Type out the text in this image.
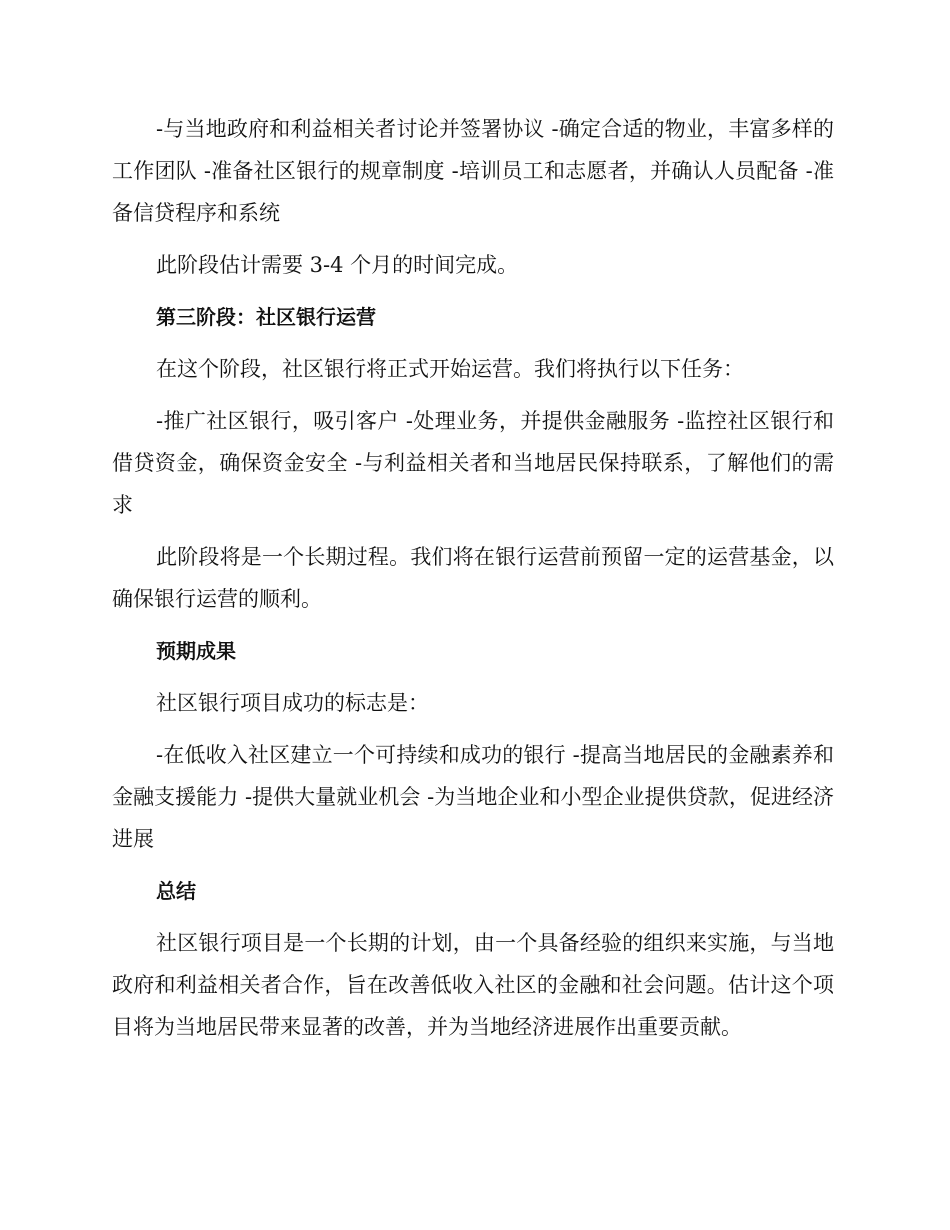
-与当地政府和利益相关者讨论并签署协议 -确定合适的物业，丰富多样的工作团队 -准备社区银行的规章制度 -培训员工和志愿者，并确认人员配备 -准备信贷程序和系统

此阶段估计需要 3-4 个月的时间完成。

第三阶段：社区银行运营

在这个阶段，社区银行将正式开始运营。我们将执行以下任务：

-推广社区银行，吸引客户 -处理业务，并提供金融服务 -监控社区银行和借贷资金，确保资金安全 -与利益相关者和当地居民保持联系，了解他们的需求

此阶段将是一个长期过程。我们将在银行运营前预留一定的运营基金，以确保银行运营的顺利。

预期成果

社区银行项目成功的标志是：

-在低收入社区建立一个可持续和成功的银行 -提高当地居民的金融素养和金融支援能力 -提供大量就业机会 -为当地企业和小型企业提供贷款，促进经济进展

总结

社区银行项目是一个长期的计划，由一个具备经验的组织来实施，与当地政府和利益相关者合作，旨在改善低收入社区的金融和社会问题。估计这个项目将为当地居民带来显著的改善，并为当地经济进展作出重要贡献。
